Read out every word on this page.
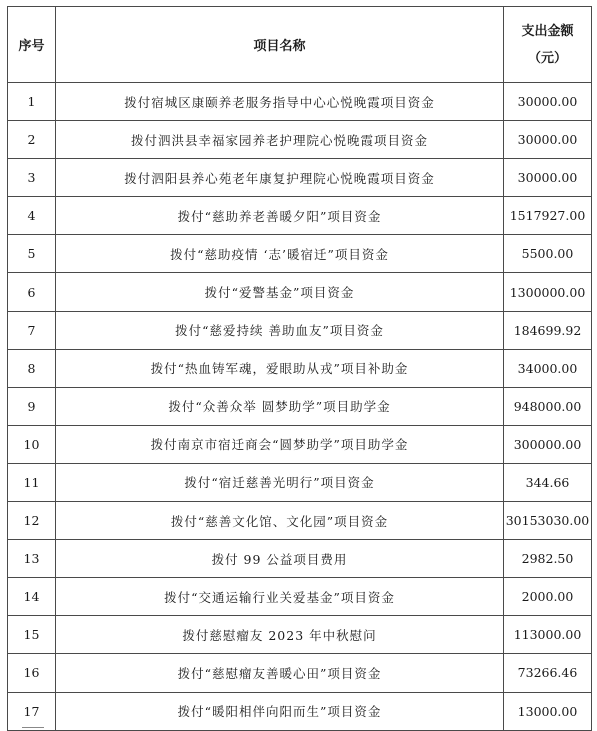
序号	项目名称	支出金额
（元）

1	拨付宿城区康颐养老服务指导中心心悦晚霞项目资金	30000.00
2	拨付泗洪县幸福家园养老护理院心悦晚霞项目资金	30000.00
3	拨付泗阳县养心苑老年康复护理院心悦晚霞项目资金	30000.00
4	拨付“慈助养老善暖夕阳”项目资金	1517927.00
5	拨付“慈助疫情 ‘志’暖宿迁”项目资金	5500.00
6	拨付“爱警基金”项目资金	1300000.00
7	拨付“慈爱持续 善助血友”项目资金	184699.92
8	拨付“热血铸军魂，爱眼助从戎”项目补助金	34000.00
9	拨付“众善众举 圆梦助学”项目助学金	948000.00
10	拨付南京市宿迁商会“圆梦助学”项目助学金	300000.00
11	拨付“宿迁慈善光明行”项目资金	344.66
12	拨付“慈善文化馆、文化园”项目资金	30153030.00
13	拨付 99 公益项目费用	2982.50
14	拨付“交通运输行业关爱基金”项目资金	2000.00
15	拨付慈慰瘤友 2023 年中秋慰问	113000.00
16	拨付“慈慰瘤友善暖心田”项目资金	73266.46
17	拨付“暖阳相伴向阳而生”项目资金	13000.00
